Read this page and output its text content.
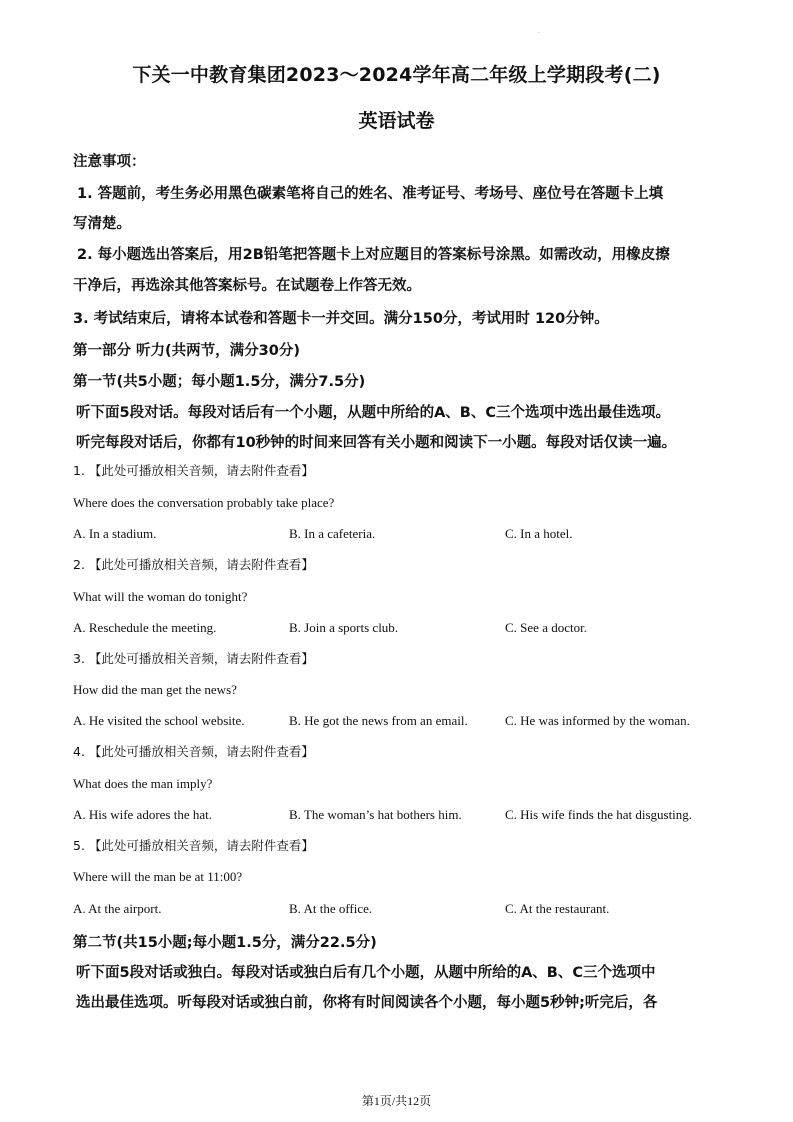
·
下关一中教育集团2023～2024学年高二年级上学期段考(二)
英语试卷
注意事项：
1. 答题前，考生务必用黑色碳素笔将自己的姓名、准考证号、考场号、座位号在答题卡上填
写清楚。
2. 每小题选出答案后，用2B铅笔把答题卡上对应题目的答案标号涂黑。如需改动，用橡皮擦
干净后，再选涂其他答案标号。在试题卷上作答无效。
3. 考试结束后，请将本试卷和答题卡一并交回。满分150分，考试用时 120分钟。
第一部分 听力(共两节，满分30分)
第一节(共5小题；每小题1.5分，满分7.5分)
听下面5段对话。每段对话后有一个小题，从题中所给的A、B、C三个选项中选出最佳选项。
听完每段对话后，你都有10秒钟的时间来回答有关小题和阅读下一小题。每段对话仅读一遍。
1. 【此处可播放相关音频，请去附件查看】
Where does the conversation probably take place?
A. In a stadium.	B. In a cafeteria.	C. In a hotel.
2. 【此处可播放相关音频，请去附件查看】
What will the woman do tonight?
A. Reschedule the meeting.	B. Join a sports club.	C. See a doctor.
3. 【此处可播放相关音频，请去附件查看】
How did the man get the news?
A. He visited the school website.	B. He got the news from an email.	C. He was informed by the woman.
4. 【此处可播放相关音频，请去附件查看】
What does the man imply?
A. His wife adores the hat.	B. The woman’s hat bothers him.	C. His wife finds the hat disgusting.
5. 【此处可播放相关音频，请去附件查看】
Where will the man be at 11:00?
A. At the airport.	B. At the office.	C. At the restaurant.
第二节(共15小题;每小题1.5分，满分22.5分)
听下面5段对话或独白。每段对话或独白后有几个小题，从题中所给的A、B、C三个选项中
选出最佳选项。听每段对话或独白前，你将有时间阅读各个小题，每小题5秒钟;听完后，各
第1页/共12页
